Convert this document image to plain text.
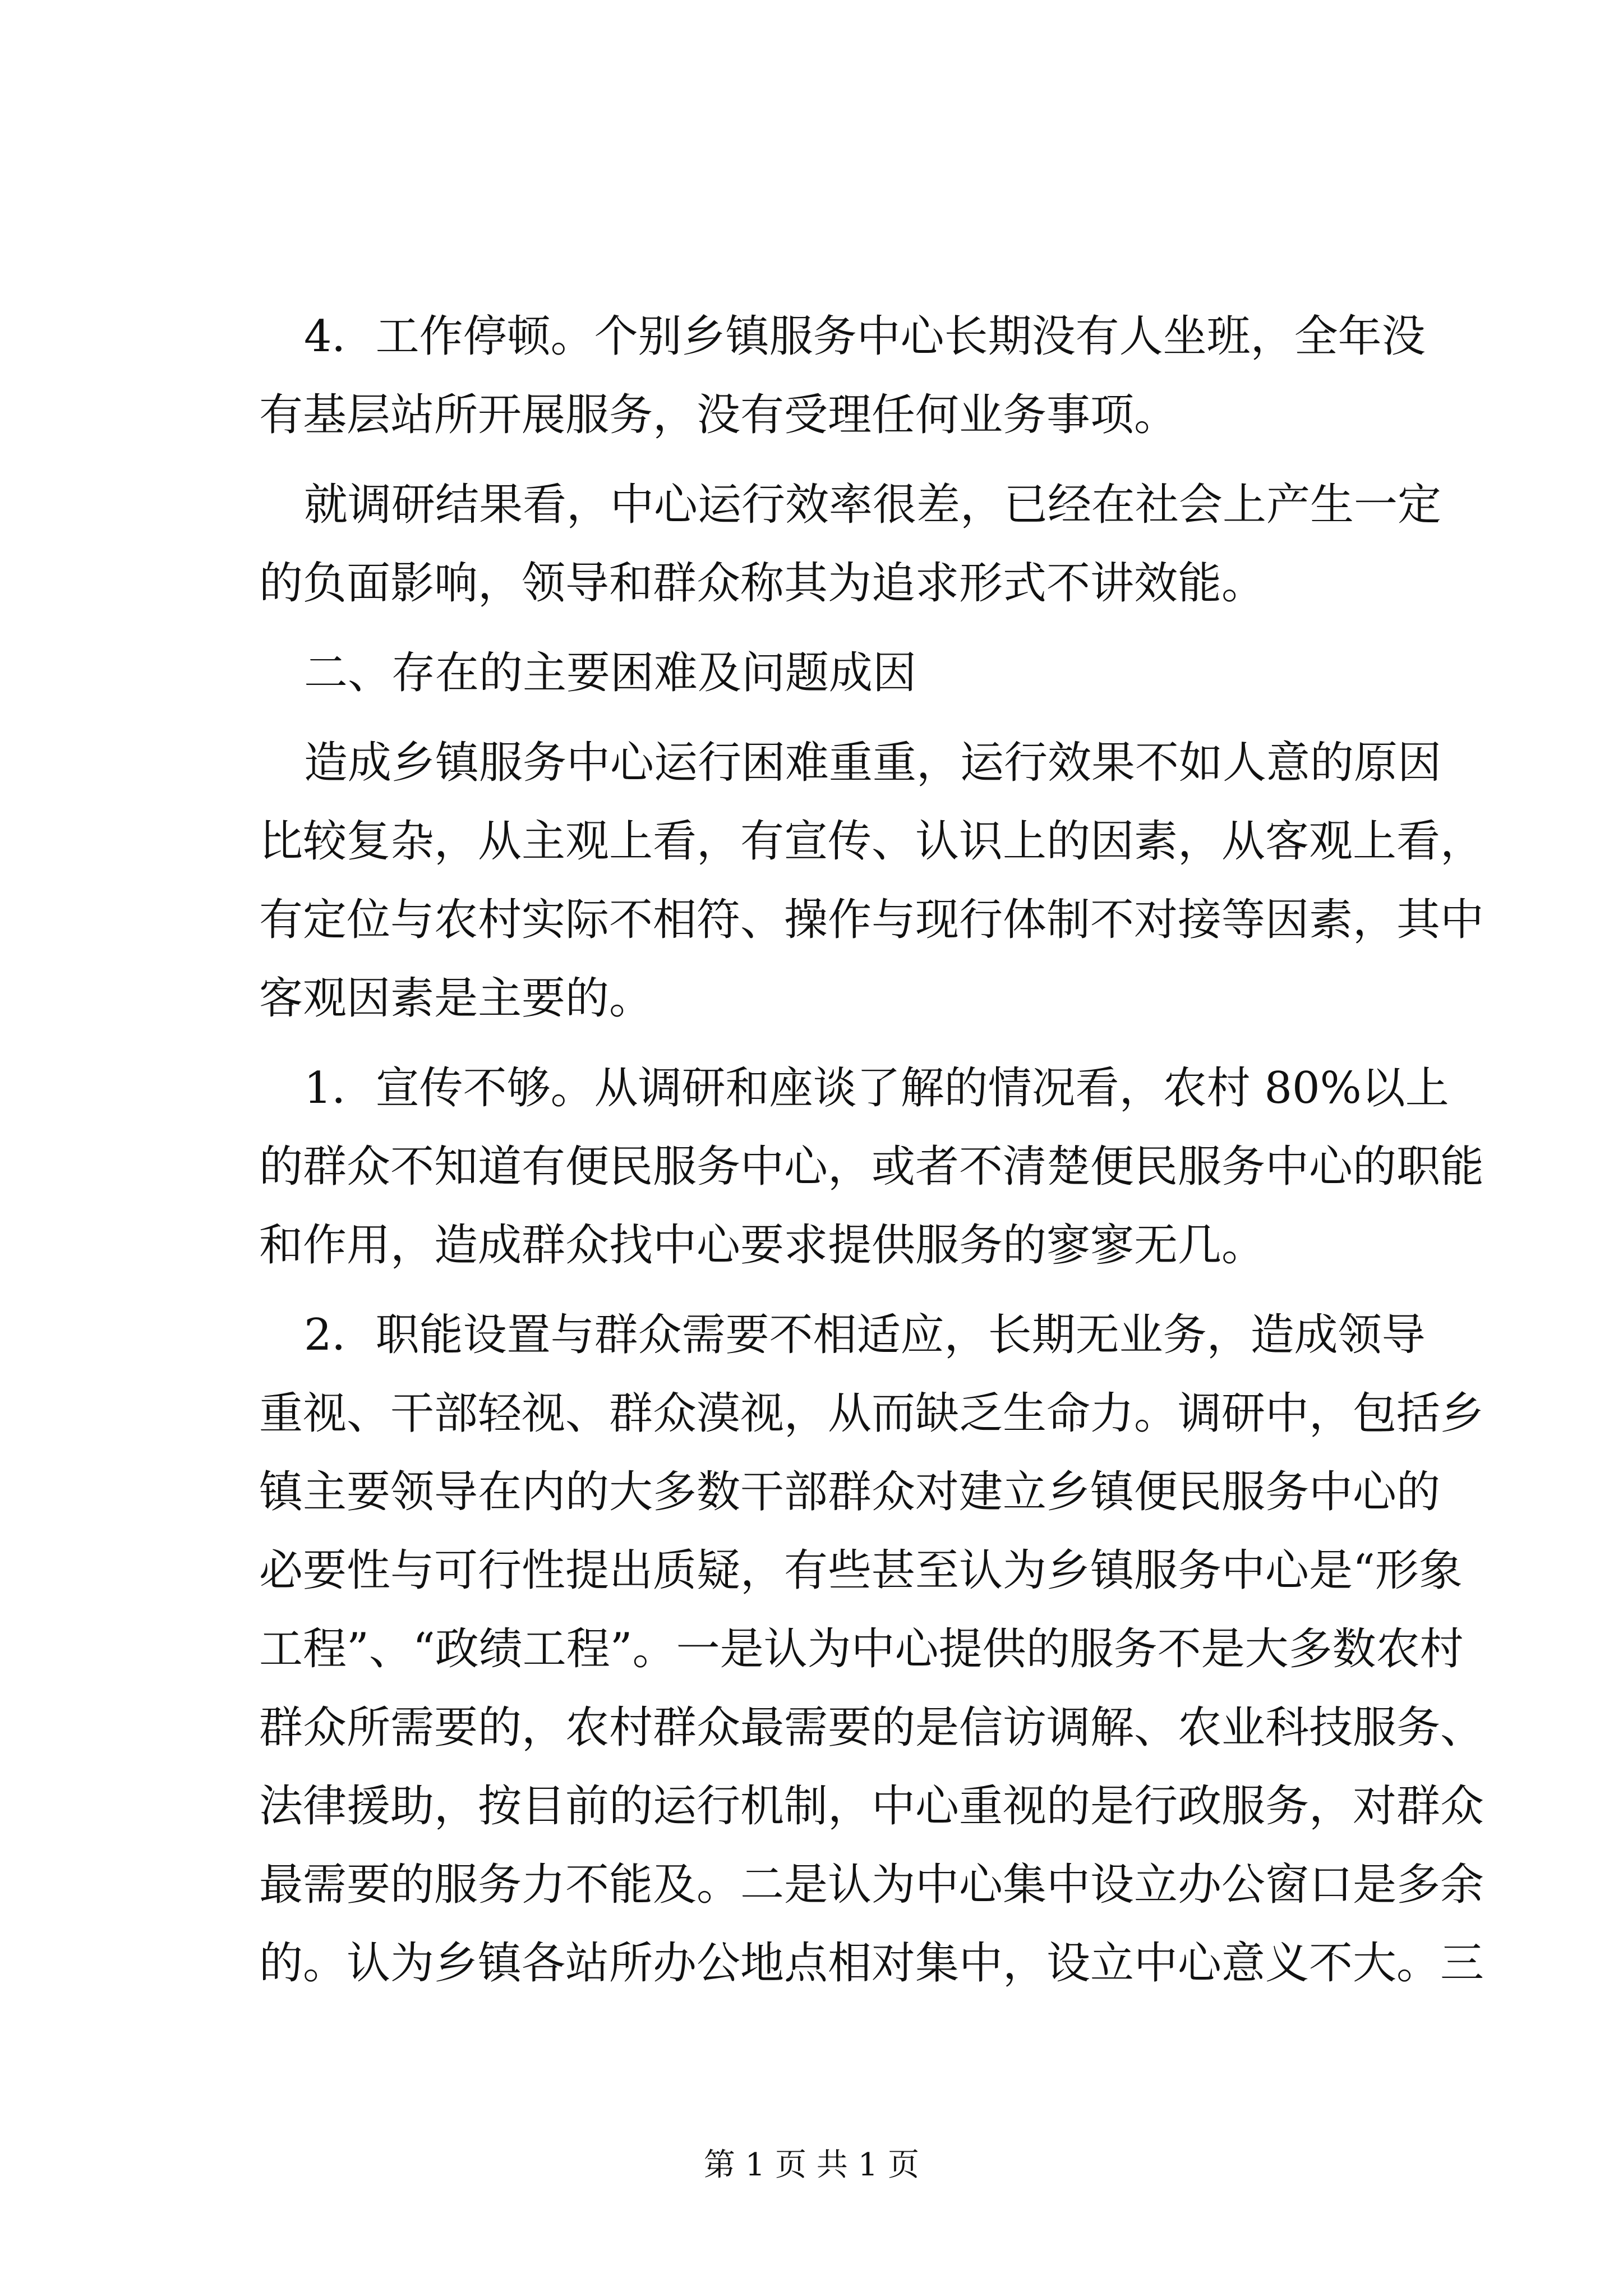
4．工作停顿。个别乡镇服务中心长期没有人坐班，全年没
有基层站所开展服务，没有受理任何业务事项。
就调研结果看，中心运行效率很差，已经在社会上产生一定
的负面影响，领导和群众称其为追求形式不讲效能。
二、存在的主要困难及问题成因
造成乡镇服务中心运行困难重重，运行效果不如人意的原因
比较复杂，从主观上看，有宣传、认识上的因素，从客观上看，
有定位与农村实际不相符、操作与现行体制不对接等因素，其中
客观因素是主要的。
1．宣传不够。从调研和座谈了解的情况看，农村 80%以上
的群众不知道有便民服务中心，或者不清楚便民服务中心的职能
和作用，造成群众找中心要求提供服务的寥寥无几。
2．职能设置与群众需要不相适应，长期无业务，造成领导
重视、干部轻视、群众漠视，从而缺乏生命力。调研中，包括乡
镇主要领导在内的大多数干部群众对建立乡镇便民服务中心的
必要性与可行性提出质疑，有些甚至认为乡镇服务中心是“形象
工程”、“政绩工程”。一是认为中心提供的服务不是大多数农村
群众所需要的，农村群众最需要的是信访调解、农业科技服务、
法律援助，按目前的运行机制，中心重视的是行政服务，对群众
最需要的服务力不能及。二是认为中心集中设立办公窗口是多余
的。认为乡镇各站所办公地点相对集中，设立中心意义不大。三
第 1 页 共 1 页
